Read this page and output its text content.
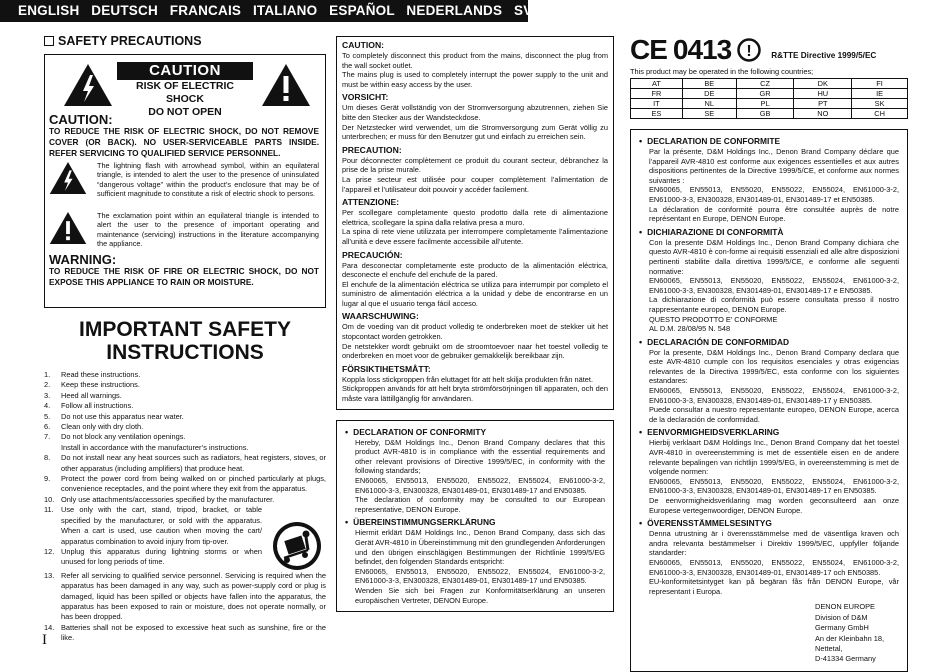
ENGLISH   DEUTSCH   FRANCAIS   ITALIANO   ESPAÑOL   NEDERLANDS   SVENSKA
SAFETY PRECAUTIONS
CAUTION
RISK OF ELECTRIC SHOCK
DO NOT OPEN
CAUTION:
TO REDUCE THE RISK OF ELECTRIC SHOCK, DO NOT REMOVE COVER (OR BACK). NO USER-SERVICEABLE PARTS INSIDE. REFER SERVICING TO QUALIFIED SERVICE PERSONNEL.

The lightning flash with arrowhead symbol, within an equilateral triangle, is intended to alert the user to the presence of uninsulated “dangerous voltage” within the product’s enclosure that may be of sufficient magnitude to constitute a risk of electric shock to persons.

The exclamation point within an equilateral triangle is intended to alert the user to the presence of important operating and maintenance (servicing) instructions in the literature accompanying the appliance.

WARNING:
TO REDUCE THE RISK OF FIRE OR ELECTRIC SHOCK, DO NOT EXPOSE THIS APPLIANCE TO RAIN OR MOISTURE.
IMPORTANT SAFETY
INSTRUCTIONS
1.	Read these instructions.
2.	Keep these instructions.
3.	Heed all warnings.
4.	Follow all instructions.
5.	Do not use this apparatus near water.
6.	Clean only with dry cloth.
7.	Do not block any ventilation openings.
Install in accordance with the manufacturer’s instructions.
8.	Do not install near any heat sources such as radiators, heat registers, stoves, or other apparatus (including amplifiers) that produce heat.
9.	Protect the power cord from being walked on or pinched particularly at plugs, convenience receptacles, and the point where they exit from the apparatus.
10. Only use attachments/accessories specified by the manufacturer.
11. Use only with the cart, stand, tripod, bracket, or table specified by the manufacturer, or sold with the apparatus. When a cart is used, use caution when moving the cart/ apparatus combination to avoid injury from tip-over.
12. Unplug this apparatus during lightning storms or when unused for long periods of time.
13. Refer all servicing to qualified service personnel. Servicing is required when the apparatus has been damaged in any way, such as power-supply cord or plug is damaged, liquid has been spilled or objects have fallen into the apparatus, the apparatus has been exposed to rain or moisture, does not operate normally, or has been dropped.
14. Batteries shall not be exposed to excessive heat such as sunshine, fire or the like.
I
CAUTION:

To completely disconnect this product from the mains, disconnect the plug from the wall socket outlet.
The mains plug is used to completely interrupt the power supply to the unit and must be within easy access by the user.

VORSICHT:

Um dieses Gerät vollständig von der Stromversorgung abzutrennen, ziehen Sie bitte den Stecker aus der Wandsteckdose.
Der Netzstecker wird verwendet, um die Stromversorgung zum Gerät völlig zu unterbrechen; er muss für den Benutzer gut und einfach zu erreichen sein.

PRECAUTION:

Pour déconnecter complètement ce produit du courant secteur, débranchez la prise de la prise murale.
La prise secteur est utilisée pour couper complètement l’alimentation de l’appareil et l’utilisateur doit pouvoir y accéder facilement.

ATTENZIONE:

Per scollegare completamente questo prodotto dalla rete di alimentazione elettrica, scollegare la spina dalla relativa presa a muro.
La spina di rete viene utilizzata per interrompere completamente l’alimentazione all’unità e deve essere facilmente accessibile all’utente.

PRECAUCIÓN:

Para desconectar completamente este producto de la alimentación eléctrica, desconecte el enchufe del enchufe de la pared.
El enchufe de la alimentación eléctrica se utiliza para interrumpir por completo el suministro de alimentación eléctrica a la unidad y debe de encontrarse en un lugar al que el usuario tenga fácil acceso.

WAARSCHUWING:

Om de voeding van dit product volledig te onderbreken moet de stekker uit het stopcontact worden getrokken.
De netstekker wordt gebruikt om de stroomtoevoer naar het toestel volledig te onderbreken en moet voor de gebruiker gemakkelijk bereikbaar zijn.

FÖRSIKTIHETSMÅTT:

Koppla loss stickproppen från eluttaget för att helt skilja produkten från nätet.
Stickproppen används för att helt bryta strömförsörjningen till apparaten, och den måste vara lättillgänglig för användaren.

• DECLARATION OF CONFORMITY

Hereby, D&M Holdings Inc., Denon Brand Company declares that this product AVR-4810 is in compliance with the essential requirements and other relevant provisions of Directive 1999/5/EC, in conformity with the following standards;
EN60065, EN55013, EN55020, EN55022, EN55024, EN61000-3-2, EN61000-3-3, EN300328, EN301489-01, EN301489-17 and EN50385.
The declaration of conformity may be consulted to our European representative, DENON Europe.

• ÜBEREINSTIMMUNGSERKLÄRUNG

Hiermit erklärt D&M Holdings Inc., Denon Brand Company, dass sich das Gerät AVR-4810 in Übereinstimmung mit den grundlegenden Anforderungen und den übrigen einschlägigen Bestimmungen der Richtlinie 1999/5/EG befindet, den folgenden Standards entspricht:
EN60065, EN55013, EN55020, EN55022, EN55024, EN61000-3-2, EN61000-3-3, EN300328, EN301489-01, EN301489-17 und EN50385.
Wenden Sie sich bei Fragen zur Konformitätserklärung an unseren europäischen Vertreter, DENON Europe.

CE 0413 ! R&TTE Directive 1999/5/EC
This product may be operated in the following countries;
AT	BE	CZ	DK	FI
FR	DE	GR	HU	IE
IT	NL	PL	PT	SK
ES	SE	GB	NO	CH
• DECLARATION DE CONFORMITE

Par la présente, D&M Holdings Inc., Denon Brand Company déclare que l’appareil AVR-4810 est conforme aux exigences essentielles et aux autres dispositions pertinentes de la Directive 1999/5/CE, et conforme aux normes suivantes :
EN60065, EN55013, EN55020, EN55022, EN55024, EN61000-3-2, EN61000-3-3, EN300328, EN301489-01, EN301489-17 et EN50385.
La déclaration de conformité pourra être consultée auprès de notre représentant en Europe, DENON Europe.

• DICHIARAZIONE DI CONFORMITÀ

Con la presente D&M Holdings Inc., Denon Brand Company dichiara che questo AVR-4810 è con-forme ai requisiti essenziali ed alle altre disposizioni pertinenti stabilite dalla direttiva 1999/5/CE, e conforme alle seguenti normative:
EN60065, EN55013, EN55020, EN55022, EN55024, EN61000-3-2, EN61000-3-3, EN300328, EN301489-01, EN301489-17 e EN50385.
La dichiarazione di conformità può essere consultata presso il nostro rappresentante europeo, DENON Europe.
QUESTO PRODOTTO E’ CONFORME
AL D.M. 28/08/95 N. 548

• DECLARACIÓN DE CONFORMIDAD

Por la presente, D&M Holdings Inc., Denon Brand Company declara que este AVR-4810 cumple con los requisitos esenciales y otras exigencias relevantes de la Directiva 1999/5/EC, esta conforme con los siguientes estandares:
EN60065, EN55013, EN55020, EN55022, EN55024, EN61000-3-2, EN61000-3-3, EN300328, EN301489-01, EN301489-17 y EN50385.
Puede consultar a nuestro representante europeo, DENON Europe, acerca de la declaración de conformidad.

• EENVORMIGHEIDSVERKLARING

Hierbij verklaart D&M Holdings Inc., Denon Brand Company dat het toestel AVR-4810 in overeenstemming is met de essentiële eisen en de andere relevante bepalingen van richtlijn 1999/5/EG, in overeenstemming is met de volgende normen:
EN60065, EN55013, EN55020, EN55022, EN55024, EN61000-3-2, EN61000-3-3, EN300328, EN301489-01, EN301489-17 en EN50385.
De eenvormigheidsverklaring mag worden geconsulteerd aan onze Europese vertegenwoordiger, DENON Europe.

• ÖVERENSSTÄMMELSESINTYG

Denna utrustning är i överensstämmelse med de väsentliga kraven och andra relevanta bestämmelser i Direktiv 1999/5/EC, uppfyller följande standarder:
EN60065, EN55013, EN55020, EN55022, EN55024, EN61000-3-2, EN61000-3-3, EN300328, EN301489-01, EN301489-17 och EN50385.
EU-konformitetsintyget kan på begäran fås från DENON Europe, vår representant i Europa.

DENON EUROPE
Division of D&M Germany GmbH
An der Kleinbahn 18, Nettetal,
D-41334 Germany
